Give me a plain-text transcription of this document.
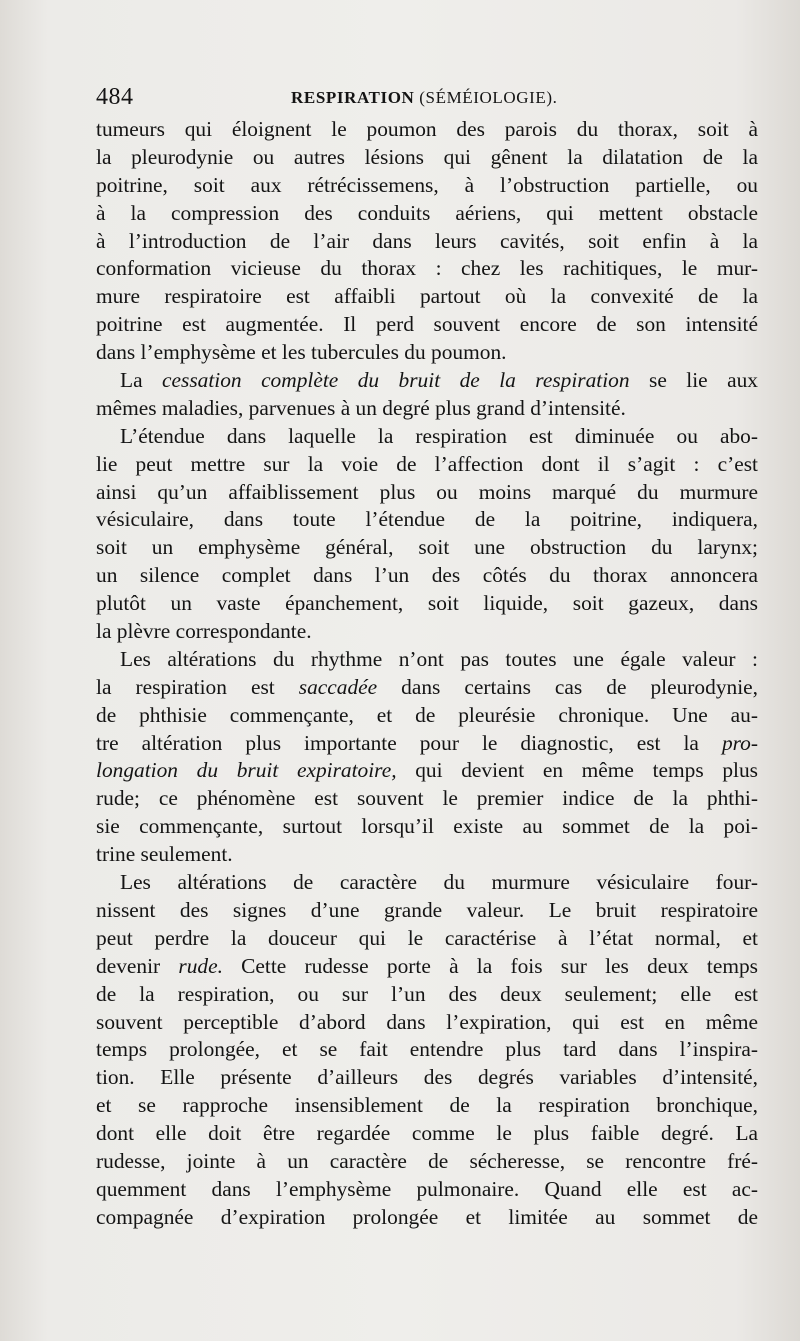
484	RESPIRATION (SÉMÉIOLOGIE).
tumeurs qui éloignent le poumon des parois du thorax, soit à
la pleurodynie ou autres lésions qui gênent la dilatation de la
poitrine, soit aux rétrécissemens, à l’obstruction partielle, ou
à la compression des conduits aériens, qui mettent obstacle
à l’introduction de l’air dans leurs cavités, soit enfin à la
conformation vicieuse du thorax : chez les rachitiques, le mur-
mure respiratoire est affaibli partout où la convexité de la
poitrine est augmentée. Il perd souvent encore de son intensité
dans l’emphysème et les tubercules du poumon.
La cessation complète du bruit de la respiration se lie aux
mêmes maladies, parvenues à un degré plus grand d’intensité.
L’étendue dans laquelle la respiration est diminuée ou abo-
lie peut mettre sur la voie de l’affection dont il s’agit : c’est
ainsi qu’un affaiblissement plus ou moins marqué du murmure
vésiculaire, dans toute l’étendue de la poitrine, indiquera,
soit un emphysème général, soit une obstruction du larynx;
un silence complet dans l’un des côtés du thorax annoncera
plutôt un vaste épanchement, soit liquide, soit gazeux, dans
la plèvre correspondante.
Les altérations du rhythme n’ont pas toutes une égale valeur :
la respiration est saccadée dans certains cas de pleurodynie,
de phthisie commençante, et de pleurésie chronique. Une au-
tre altération plus importante pour le diagnostic, est la pro-
longation du bruit expiratoire, qui devient en même temps plus
rude; ce phénomène est souvent le premier indice de la phthi-
sie commençante, surtout lorsqu’il existe au sommet de la poi-
trine seulement.
Les altérations de caractère du murmure vésiculaire four-
nissent des signes d’une grande valeur. Le bruit respiratoire
peut perdre la douceur qui le caractérise à l’état normal, et
devenir rude. Cette rudesse porte à la fois sur les deux temps
de la respiration, ou sur l’un des deux seulement; elle est
souvent perceptible d’abord dans l’expiration, qui est en même
temps prolongée, et se fait entendre plus tard dans l’inspira-
tion. Elle présente d’ailleurs des degrés variables d’intensité,
et se rapproche insensiblement de la respiration bronchique,
dont elle doit être regardée comme le plus faible degré. La
rudesse, jointe à un caractère de sécheresse, se rencontre fré-
quemment dans l’emphysème pulmonaire. Quand elle est ac-
compagnée d’expiration prolongée et limitée au sommet de
